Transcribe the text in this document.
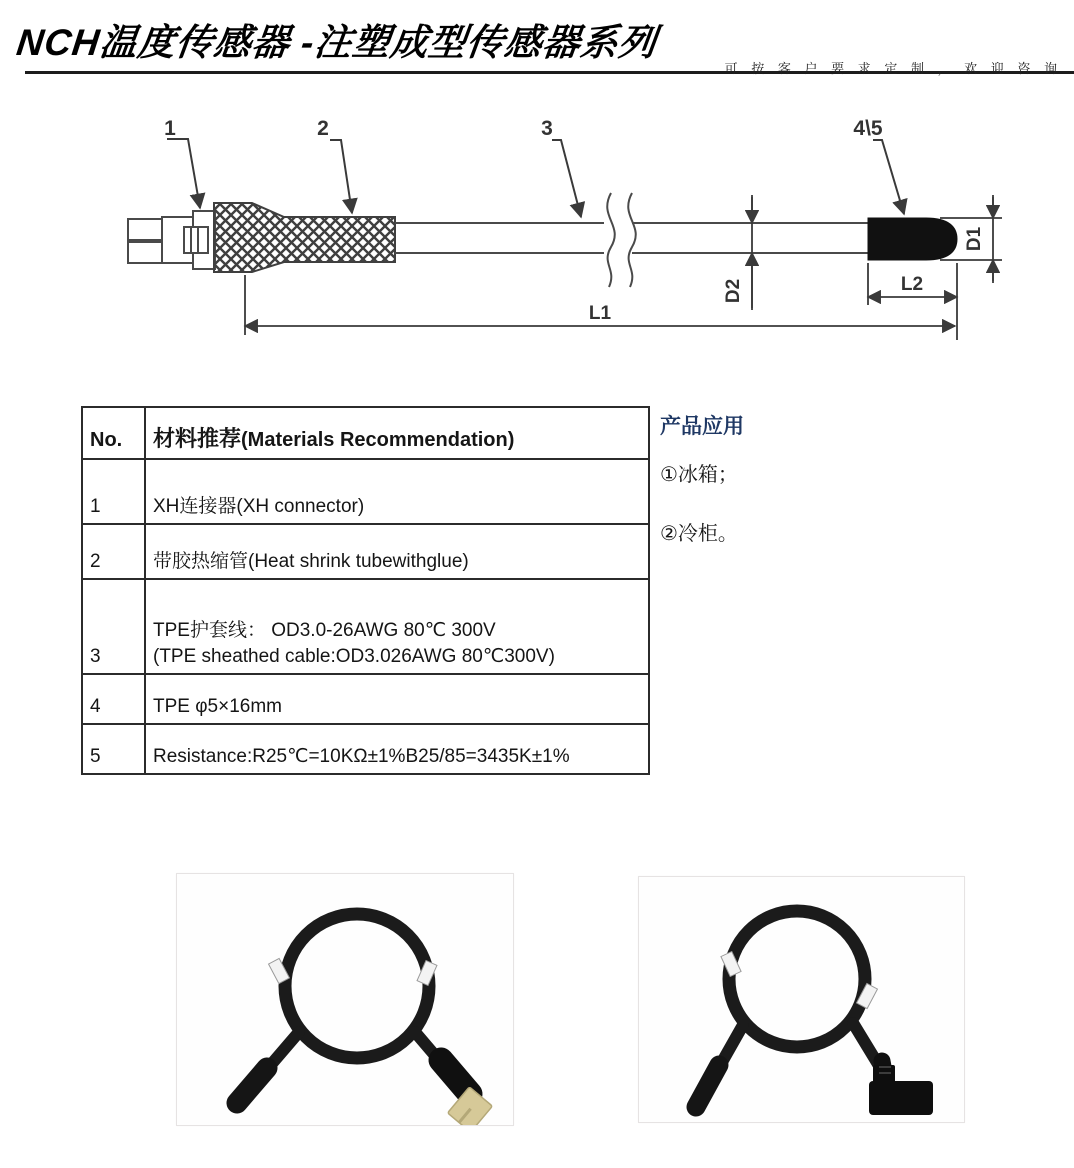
NCH温度传感器 -注塑成型传感器系列
可 按 客 户 要 求 定 制 ， 欢 迎 咨 询
1	2	3	4\5
D2
D1
L2
L1
No.	材料推荐(Materials Recommendation)
1	XH连接器(XH connector)
2	带胶热缩管(Heat shrink tubewithglue)
3	TPE护套线： OD3.0-26AWG 80℃ 300V
(TPE sheathed cable:OD3.026AWG 80℃300V)

4	TPE φ5×16mm
5	Resistance:R25℃=10KΩ±1%B25/85=3435K±1%

产品应用

①冰箱；

②冷柜。
